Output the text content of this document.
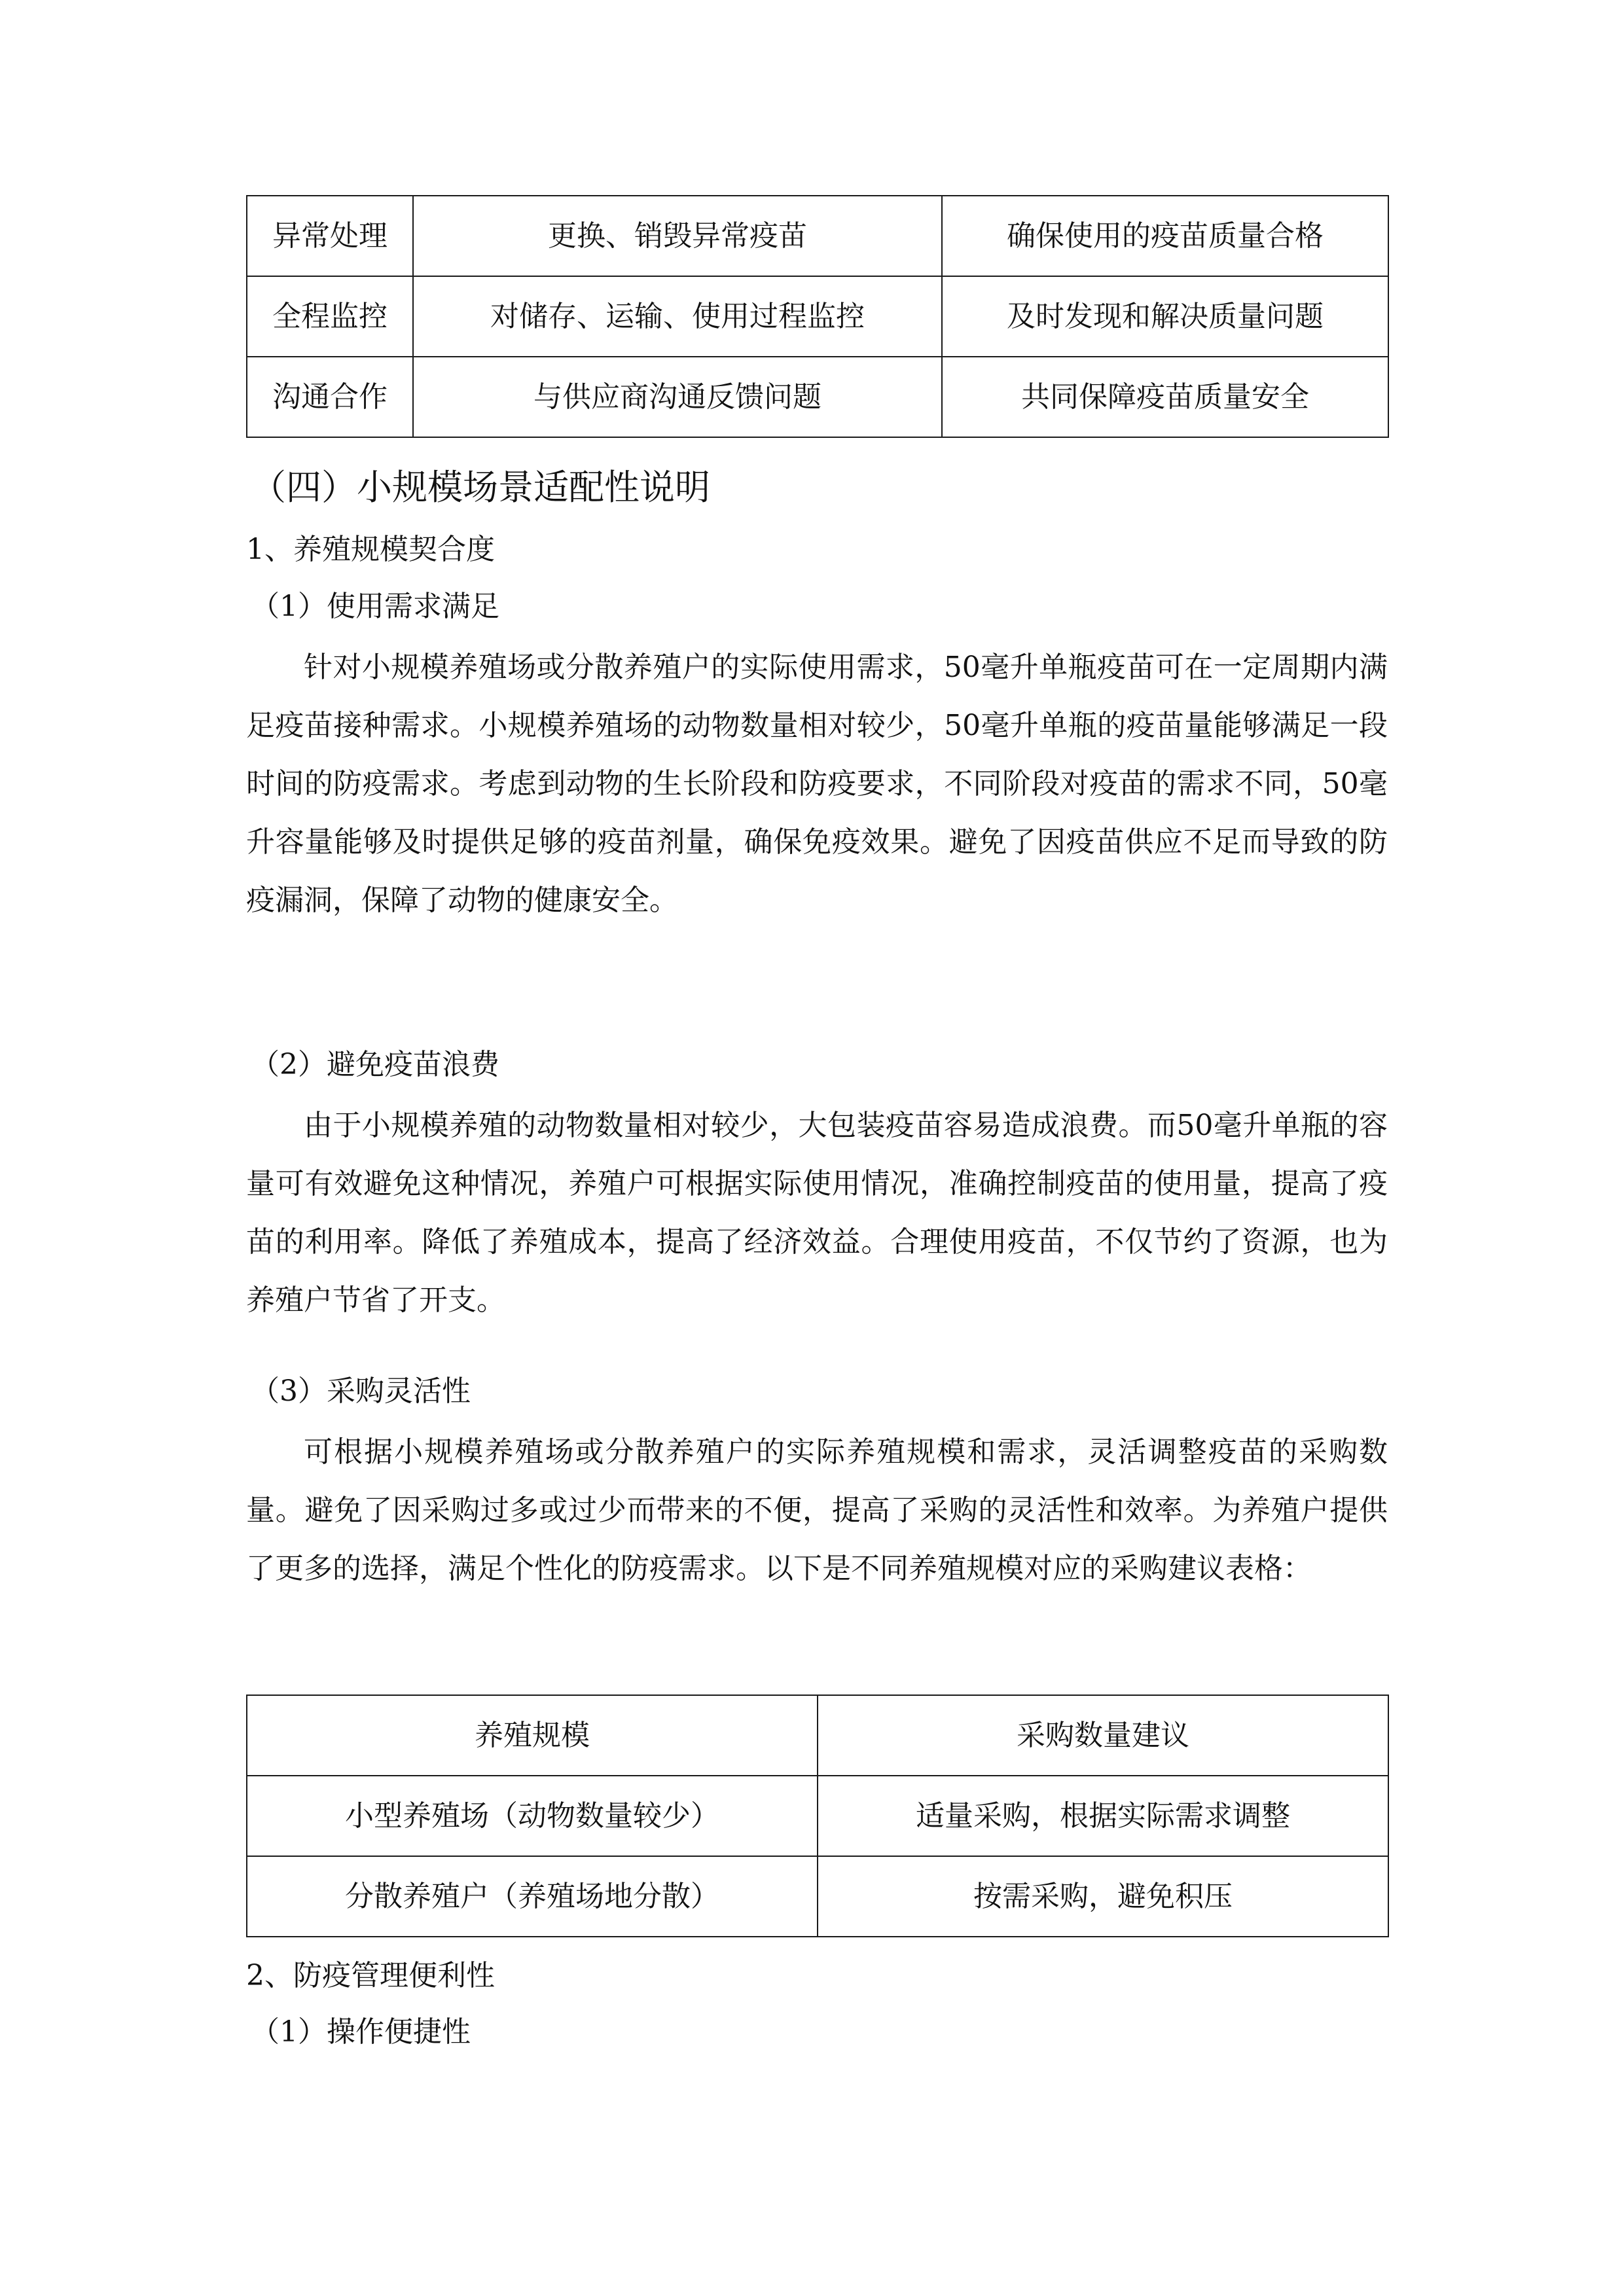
异常处理	更换、销毁异常疫苗	确保使用的疫苗质量合格
全程监控	对储存、运输、使用过程监控	及时发现和解决质量问题
沟通合作	与供应商沟通反馈问题	共同保障疫苗质量安全
（四）小规模场景适配性说明
1、养殖规模契合度
（1）使用需求满足

针对小规模养殖场或分散养殖户的实际使用需求，50毫升单瓶疫苗可在一定周期内满足疫苗接种需求。小规模养殖场的动物数量相对较少，50毫升单瓶的疫苗量能够满足一段时间的防疫需求。考虑到动物的生长阶段和防疫要求，不同阶段对疫苗的需求不同，50毫升容量能够及时提供足够的疫苗剂量，确保免疫效果。避免了因疫苗供应不足而导致的防疫漏洞，保障了动物的健康安全。

（2）避免疫苗浪费

由于小规模养殖的动物数量相对较少，大包装疫苗容易造成浪费。而50毫升单瓶的容量可有效避免这种情况，养殖户可根据实际使用情况，准确控制疫苗的使用量，提高了疫苗的利用率。降低了养殖成本，提高了经济效益。合理使用疫苗，不仅节约了资源，也为养殖户节省了开支。

（3）采购灵活性

可根据小规模养殖场或分散养殖户的实际养殖规模和需求，灵活调整疫苗的采购数量。避免了因采购过多或过少而带来的不便，提高了采购的灵活性和效率。为养殖户提供了更多的选择，满足个性化的防疫需求。以下是不同养殖规模对应的采购建议表格：

养殖规模	采购数量建议
小型养殖场（动物数量较少）	适量采购，根据实际需求调整
分散养殖户（养殖场地分散）	按需采购，避免积压
2、防疫管理便利性
（1）操作便捷性
